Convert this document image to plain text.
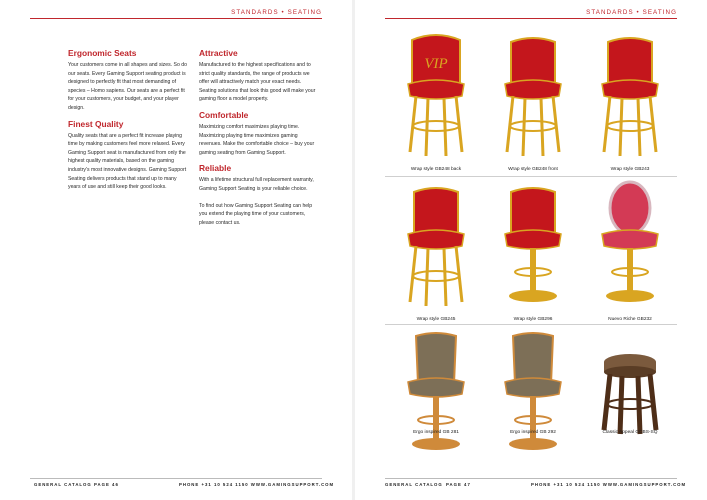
STANDARDS • SEATING
Ergonomic Seats

Your customers come in all shapes and sizes. So do our seats. Every Gaming Support seating product is designed to perfectly fit that most demanding of species – Homo sapiens. Our seats are a perfect fit for your customers, your budget, and your player design.

Finest Quality

Quality seats that are a perfect fit increase playing time by making customers feel more relaxed. Every Gaming Support seat is manufactured from only the highest quality materials, based on the gaming industry's most innovative designs. Gaming Support Seating delivers products that stand up to many years of use and still keep their good looks.

Attractive

Manufactured to the highest specifications and to strict quality standards, the range of products we offer will attractively match your exact needs. Seating solutions that look this good will make your gaming floor a model property.

Comfortable

Maximizing comfort maximizes playing time. Maximizing playing time maximizes gaming revenues. Make the comfortable choice – buy your gaming seating from Gaming Support.

Reliable

With a lifetime structural full replacement warranty, Gaming Support Seating is your reliable choice.

To find out how Gaming Support Seating can help you extend the playing time of your customers, please contact us.

GENERAL CATALOG PAGE 46	PHONE +31 10 524 1150 WWW.GAMINGSUPPORT.COM
STANDARDS • SEATING
VIP
Wrap style GB248 back	Wrap style GB248 front	Wrap style GB243
Wrap style GB245	Wrap style GB296	Nuevo Riche GB232
Ergo inspired GB 281	Ergo inspired GB 292	Classic Appeal GCBS-SQ
GENERAL CATALOG PAGE 47	PHONE +31 10 524 1150 WWW.GAMINGSUPPORT.COM
